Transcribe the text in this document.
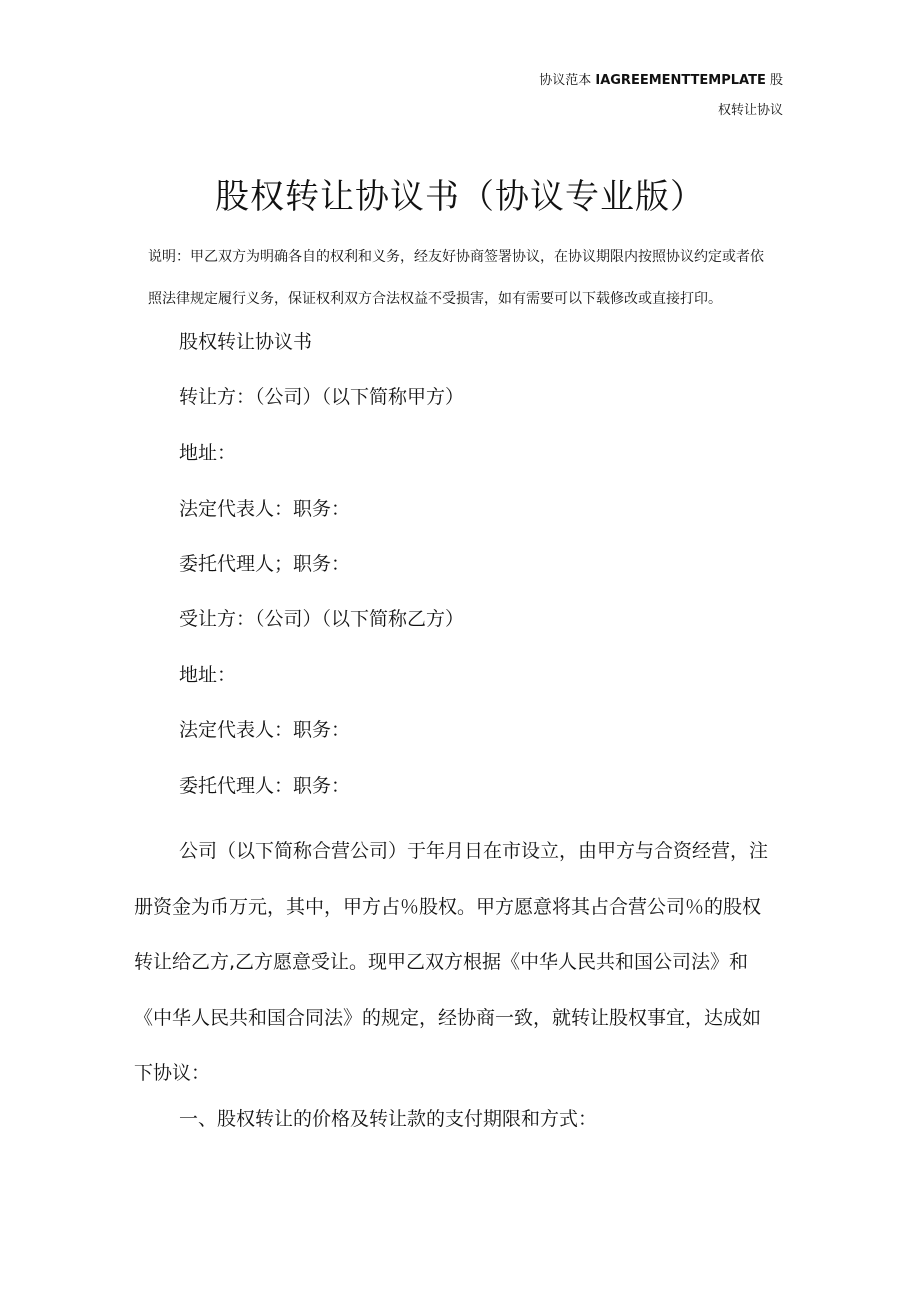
协议范本 IAGREEMENTTEMPLATE 股
权转让协议
股权转让协议书（协议专业版）
说明：甲乙双方为明确各自的权利和义务，经友好协商签署协议，在协议期限内按照协议约定或者依
照法律规定履行义务，保证权利双方合法权益不受损害，如有需要可以下载修改或直接打印。
股权转让协议书
转让方：（公司）（以下简称甲方）
地址：
法定代表人：职务：
委托代理人；职务：
受让方：（公司）（以下简称乙方）
地址：
法定代表人：职务：
委托代理人：职务：
公司（以下简称合营公司）于年月日在市设立，由甲方与合资经营，注
册资金为币万元，其中，甲方占％股权。甲方愿意将其占合营公司％的股权
转让给乙方,乙方愿意受让。现甲乙双方根据《中华人民共和国公司法》和
《中华人民共和国合同法》的规定，经协商一致，就转让股权事宜，达成如
下协议：
一、股权转让的价格及转让款的支付期限和方式：
